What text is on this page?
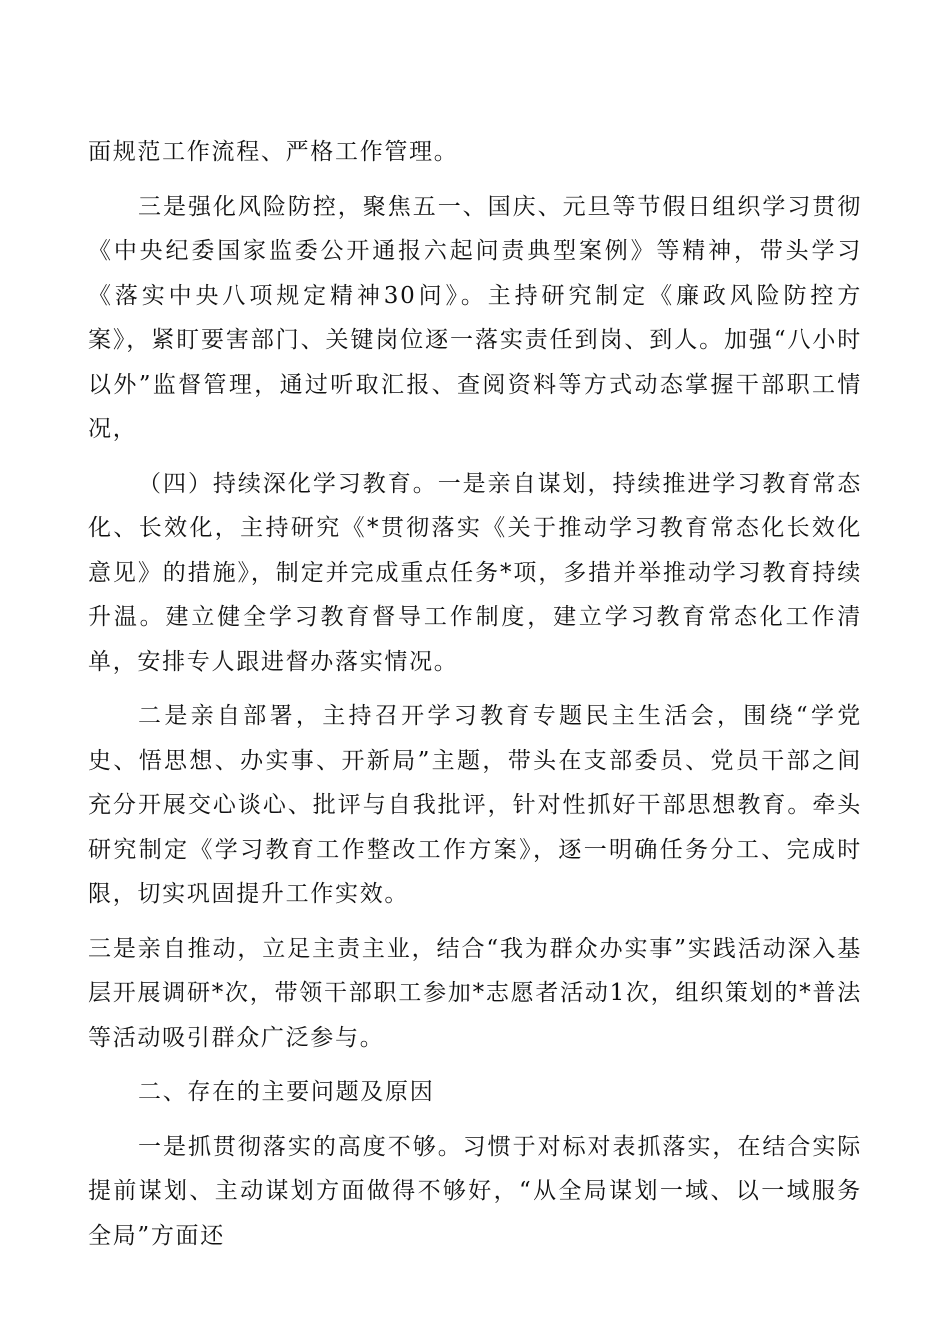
面规范工作流程、严格工作管理。

三是强化风险防控，聚焦五一、国庆、元旦等节假日组织学习贯彻《中央纪委国家监委公开通报六起问责典型案例》等精神，带头学习《落实中央八项规定精神30问》。主持研究制定《廉政风险防控方案》，紧盯要害部门、关键岗位逐一落实责任到岗、到人。加强“八小时以外”监督管理，通过听取汇报、查阅资料等方式动态掌握干部职工情况，

（四）持续深化学习教育。一是亲自谋划，持续推进学习教育常态化、长效化，主持研究《*贯彻落实《关于推动学习教育常态化长效化意见》的措施》，制定并完成重点任务*项，多措并举推动学习教育持续升温。建立健全学习教育督导工作制度，建立学习教育常态化工作清单，安排专人跟进督办落实情况。

二是亲自部署，主持召开学习教育专题民主生活会，围绕“学党史、悟思想、办实事、开新局”主题，带头在支部委员、党员干部之间充分开展交心谈心、批评与自我批评，针对性抓好干部思想教育。牵头研究制定《学习教育工作整改工作方案》，逐一明确任务分工、完成时限，切实巩固提升工作实效。

三是亲自推动，立足主责主业，结合“我为群众办实事”实践活动深入基层开展调研*次，带领干部职工参加*志愿者活动1次，组织策划的*普法等活动吸引群众广泛参与。

二、存在的主要问题及原因

一是抓贯彻落实的高度不够。习惯于对标对表抓落实，在结合实际提前谋划、主动谋划方面做得不够好，“从全局谋划一域、以一域服务全局”方面还
